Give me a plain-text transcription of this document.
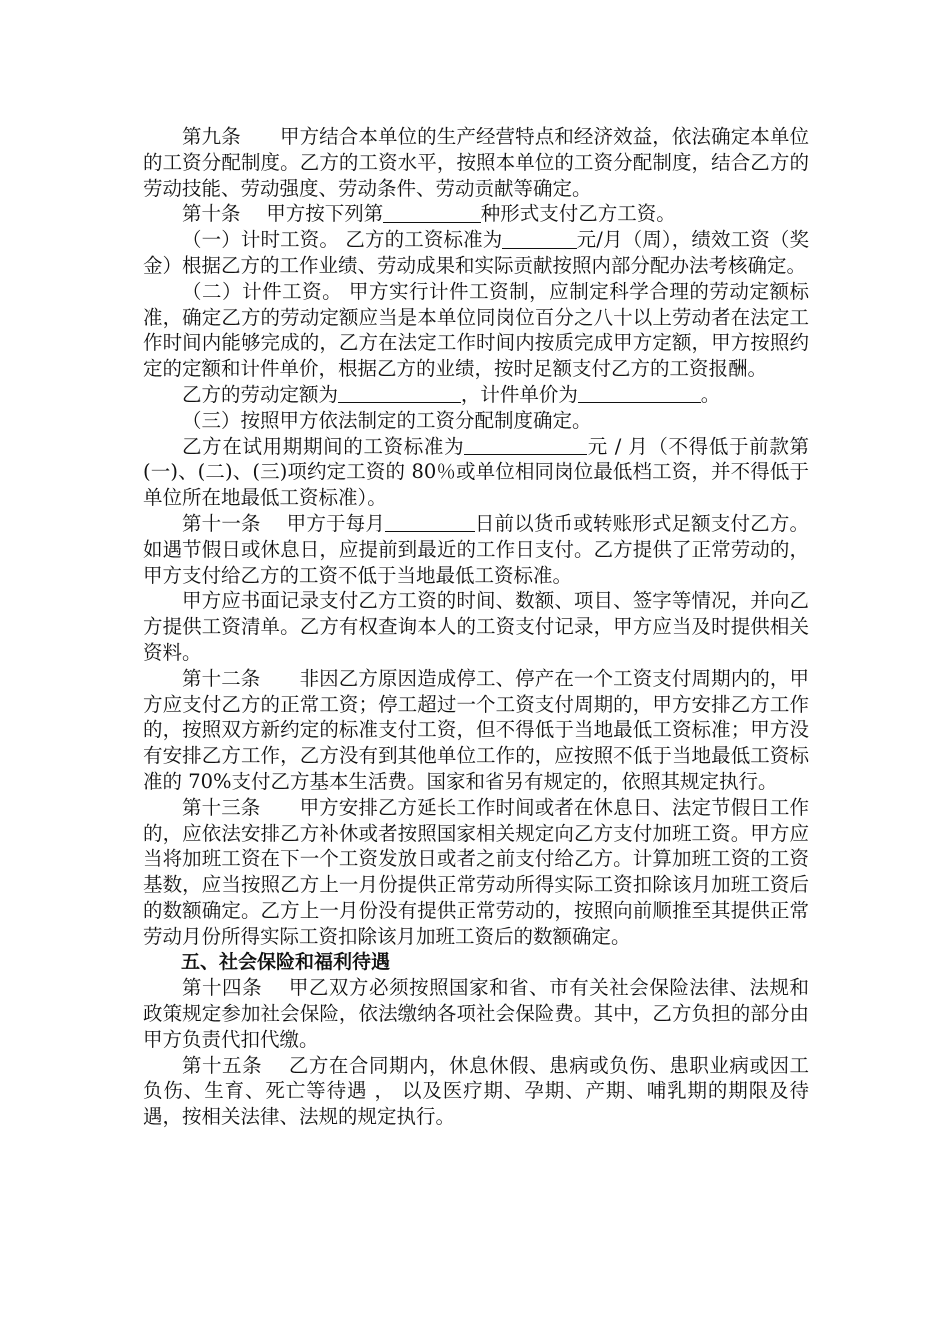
第九条　　甲方结合本单位的生产经营特点和经济效益，依法确定本单位的工资分配制度。乙方的工资水平，按照本单位的工资分配制度，结合乙方的劳动技能、劳动强度、劳动条件、劳动贡献等确定。

第十条　 甲方按下列第	种形式支付乙方工资。

（一）计时工资。 乙方的工资标准为	元/月（周），绩效工资（奖金）根据乙方的工作业绩、劳动成果和实际贡献按照内部分配办法考核确定。

（二）计件工资。 甲方实行计件工资制，应制定科学合理的劳动定额标准，确定乙方的劳动定额应当是本单位同岗位百分之八十以上劳动者在法定工作时间内能够完成的，乙方在法定工作时间内按质完成甲方定额，甲方按照约定的定额和计件单价，根据乙方的业绩，按时足额支付乙方的工资报酬。

乙方的劳动定额为	，计件单价为	。

（三）按照甲方依法制定的工资分配制度确定。

乙方在试用期期间的工资标准为	元 / 月（不得低于前款第(一)、(二)、(三)项约定工资的 80％或单位相同岗位最低档工资，并不得低于单位所在地最低工资标准）。

第十一条　 甲方于每月	日前以货币或转账形式足额支付乙方。如遇节假日或休息日，应提前到最近的工作日支付。乙方提供了正常劳动的，甲方支付给乙方的工资不低于当地最低工资标准。

甲方应书面记录支付乙方工资的时间、数额、项目、签字等情况，并向乙方提供工资清单。乙方有权查询本人的工资支付记录，甲方应当及时提供相关资料。

第十二条　　非因乙方原因造成停工、停产在一个工资支付周期内的，甲方应支付乙方的正常工资；停工超过一个工资支付周期的，甲方安排乙方工作的，按照双方新约定的标准支付工资，但不得低于当地最低工资标准；甲方没有安排乙方工作，乙方没有到其他单位工作的，应按照不低于当地最低工资标准的 70%支付乙方基本生活费。国家和省另有规定的，依照其规定执行。

第十三条　　甲方安排乙方延长工作时间或者在休息日、法定节假日工作的，应依法安排乙方补休或者按照国家相关规定向乙方支付加班工资。甲方应当将加班工资在下一个工资发放日或者之前支付给乙方。计算加班工资的工资基数，应当按照乙方上一月份提供正常劳动所得实际工资扣除该月加班工资后的数额确定。乙方上一月份没有提供正常劳动的，按照向前顺推至其提供正常劳动月份所得实际工资扣除该月加班工资后的数额确定。

五、社会保险和福利待遇

第十四条　 甲乙双方必须按照国家和省、市有关社会保险法律、法规和政策规定参加社会保险，依法缴纳各项社会保险费。其中，乙方负担的部分由甲方负责代扣代缴。

第十五条　 乙方在合同期内，休息休假、患病或负伤、患职业病或因工负伤、生育、死亡等待遇 ， 以及医疗期、孕期、产期、哺乳期的期限及待遇，按相关法律、法规的规定执行。
